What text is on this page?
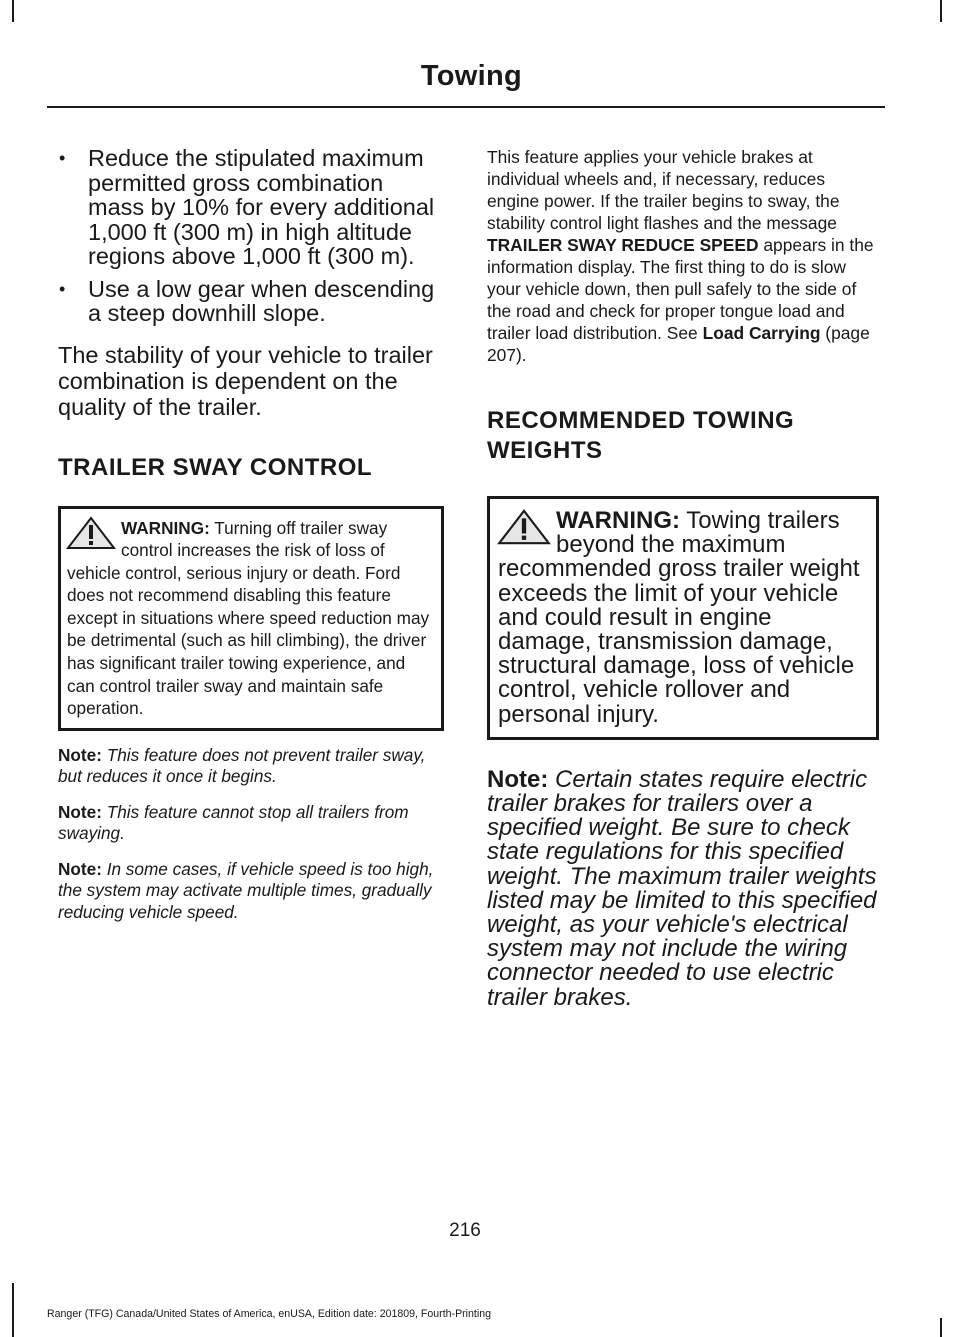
Towing
• Reduce the stipulated maximum permitted gross combination mass by 10% for every additional 1,000 ft (300 m) in high altitude regions above 1,000 ft (300 m).
• Use a low gear when descending a steep downhill slope.

The stability of your vehicle to trailer combination is dependent on the quality of the trailer.

TRAILER SWAY CONTROL
WARNING: Turning off trailer sway control increases the risk of loss of vehicle control, serious injury or death. Ford does not recommend disabling this feature except in situations where speed reduction may be detrimental (such as hill climbing), the driver has significant trailer towing experience, and can control trailer sway and maintain safe operation.
Note: This feature does not prevent trailer sway, but reduces it once it begins.
Note: This feature cannot stop all trailers from swaying.
Note: In some cases, if vehicle speed is too high, the system may activate multiple times, gradually reducing vehicle speed.

This feature applies your vehicle brakes at individual wheels and, if necessary, reduces engine power. If the trailer begins to sway, the stability control light flashes and the message TRAILER SWAY REDUCE SPEED appears in the information display. The first thing to do is slow your vehicle down, then pull safely to the side of the road and check for proper tongue load and trailer load distribution. See Load Carrying (page 207).

RECOMMENDED TOWING WEIGHTS
WARNING: Towing trailers beyond the maximum recommended gross trailer weight exceeds the limit of your vehicle and could result in engine damage, transmission damage, structural damage, loss of vehicle control, vehicle rollover and personal injury.
Note: Certain states require electric trailer brakes for trailers over a specified weight. Be sure to check state regulations for this specified weight. The maximum trailer weights listed may be limited to this specified weight, as your vehicle's electrical system may not include the wiring connector needed to use electric trailer brakes.
216
Ranger (TFG) Canada/United States of America, enUSA, Edition date: 201809, Fourth-Printing
